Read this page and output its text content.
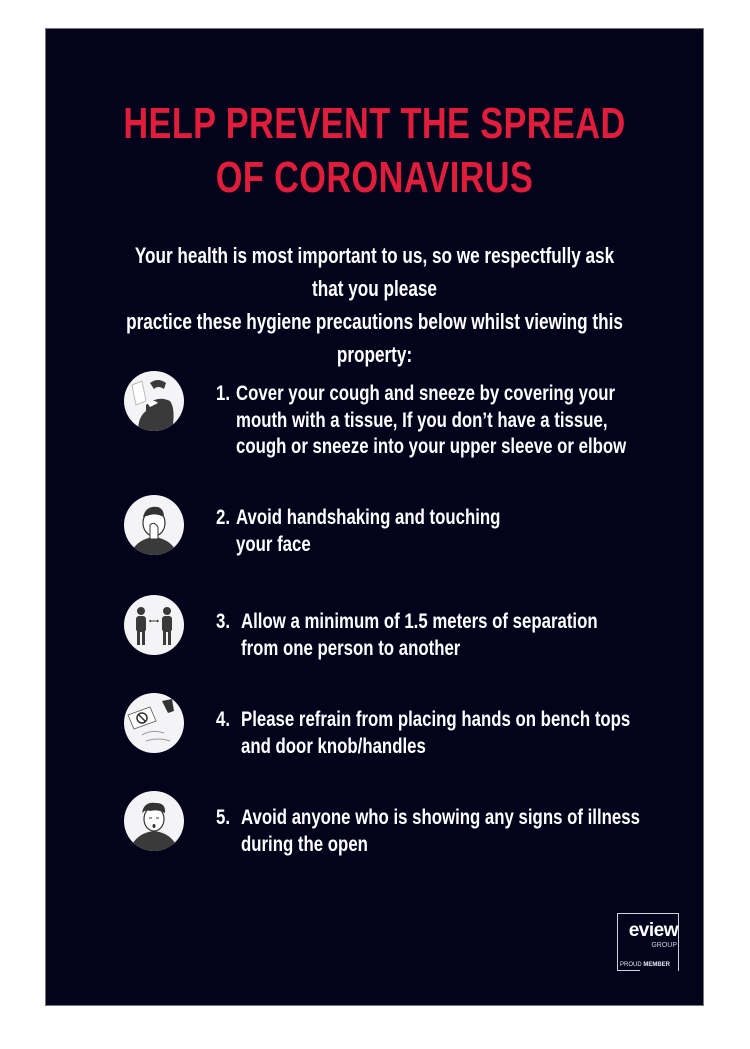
HELP PREVENT THE SPREAD
OF CORONAVIRUS
Your health is most important to us, so we respectfully ask that you please
practice these hygiene precautions below whilst viewing this property:
1. Cover your cough and sneeze by covering your
mouth with a tissue, If you don’t have a tissue,
cough or sneeze into your upper sleeve or elbow
2. Avoid handshaking and touching
your face
3. Allow a minimum of 1.5 meters of separation
from one person to another
4. Please refrain from placing hands on bench tops
and door knob/handles
5. Avoid anyone who is showing any signs of illness
during the open
eview
GROUP
PROUD MEMBER
